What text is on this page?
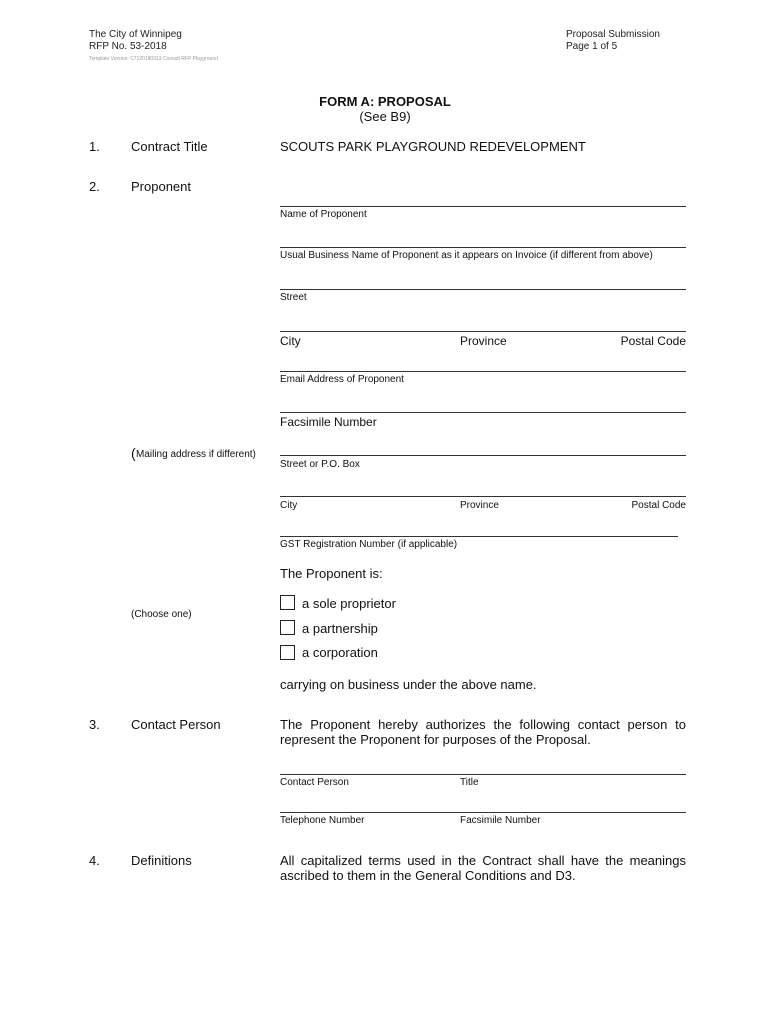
The City of Winnipeg
RFP No. 53-2018
Template Version: C7120180313 Consult RFP Playground
Proposal Submission
Page 1 of 5
FORM A: PROPOSAL
(See B9)
1. Contract Title	SCOUTS PARK PLAYGROUND REDEVELOPMENT
2. Proponent
Name of Proponent
Usual Business Name of Proponent as it appears on Invoice (if different from above)
Street
City	Province	Postal Code
Email Address of Proponent
Facsimile Number
( Mailing address if different)
Street or P.O. Box
City	Province	Postal Code
GST Registration Number (if applicable)
The Proponent is:
(Choose one)
a sole proprietor
a partnership
a corporation
carrying on business under the above name.
3. Contact Person	The Proponent hereby authorizes the following contact person to represent the Proponent for purposes of the Proposal.
Contact Person	Title
Telephone Number	Facsimile Number
4. Definitions	All capitalized terms used in the Contract shall have the meanings ascribed to them in the General Conditions and D3.
